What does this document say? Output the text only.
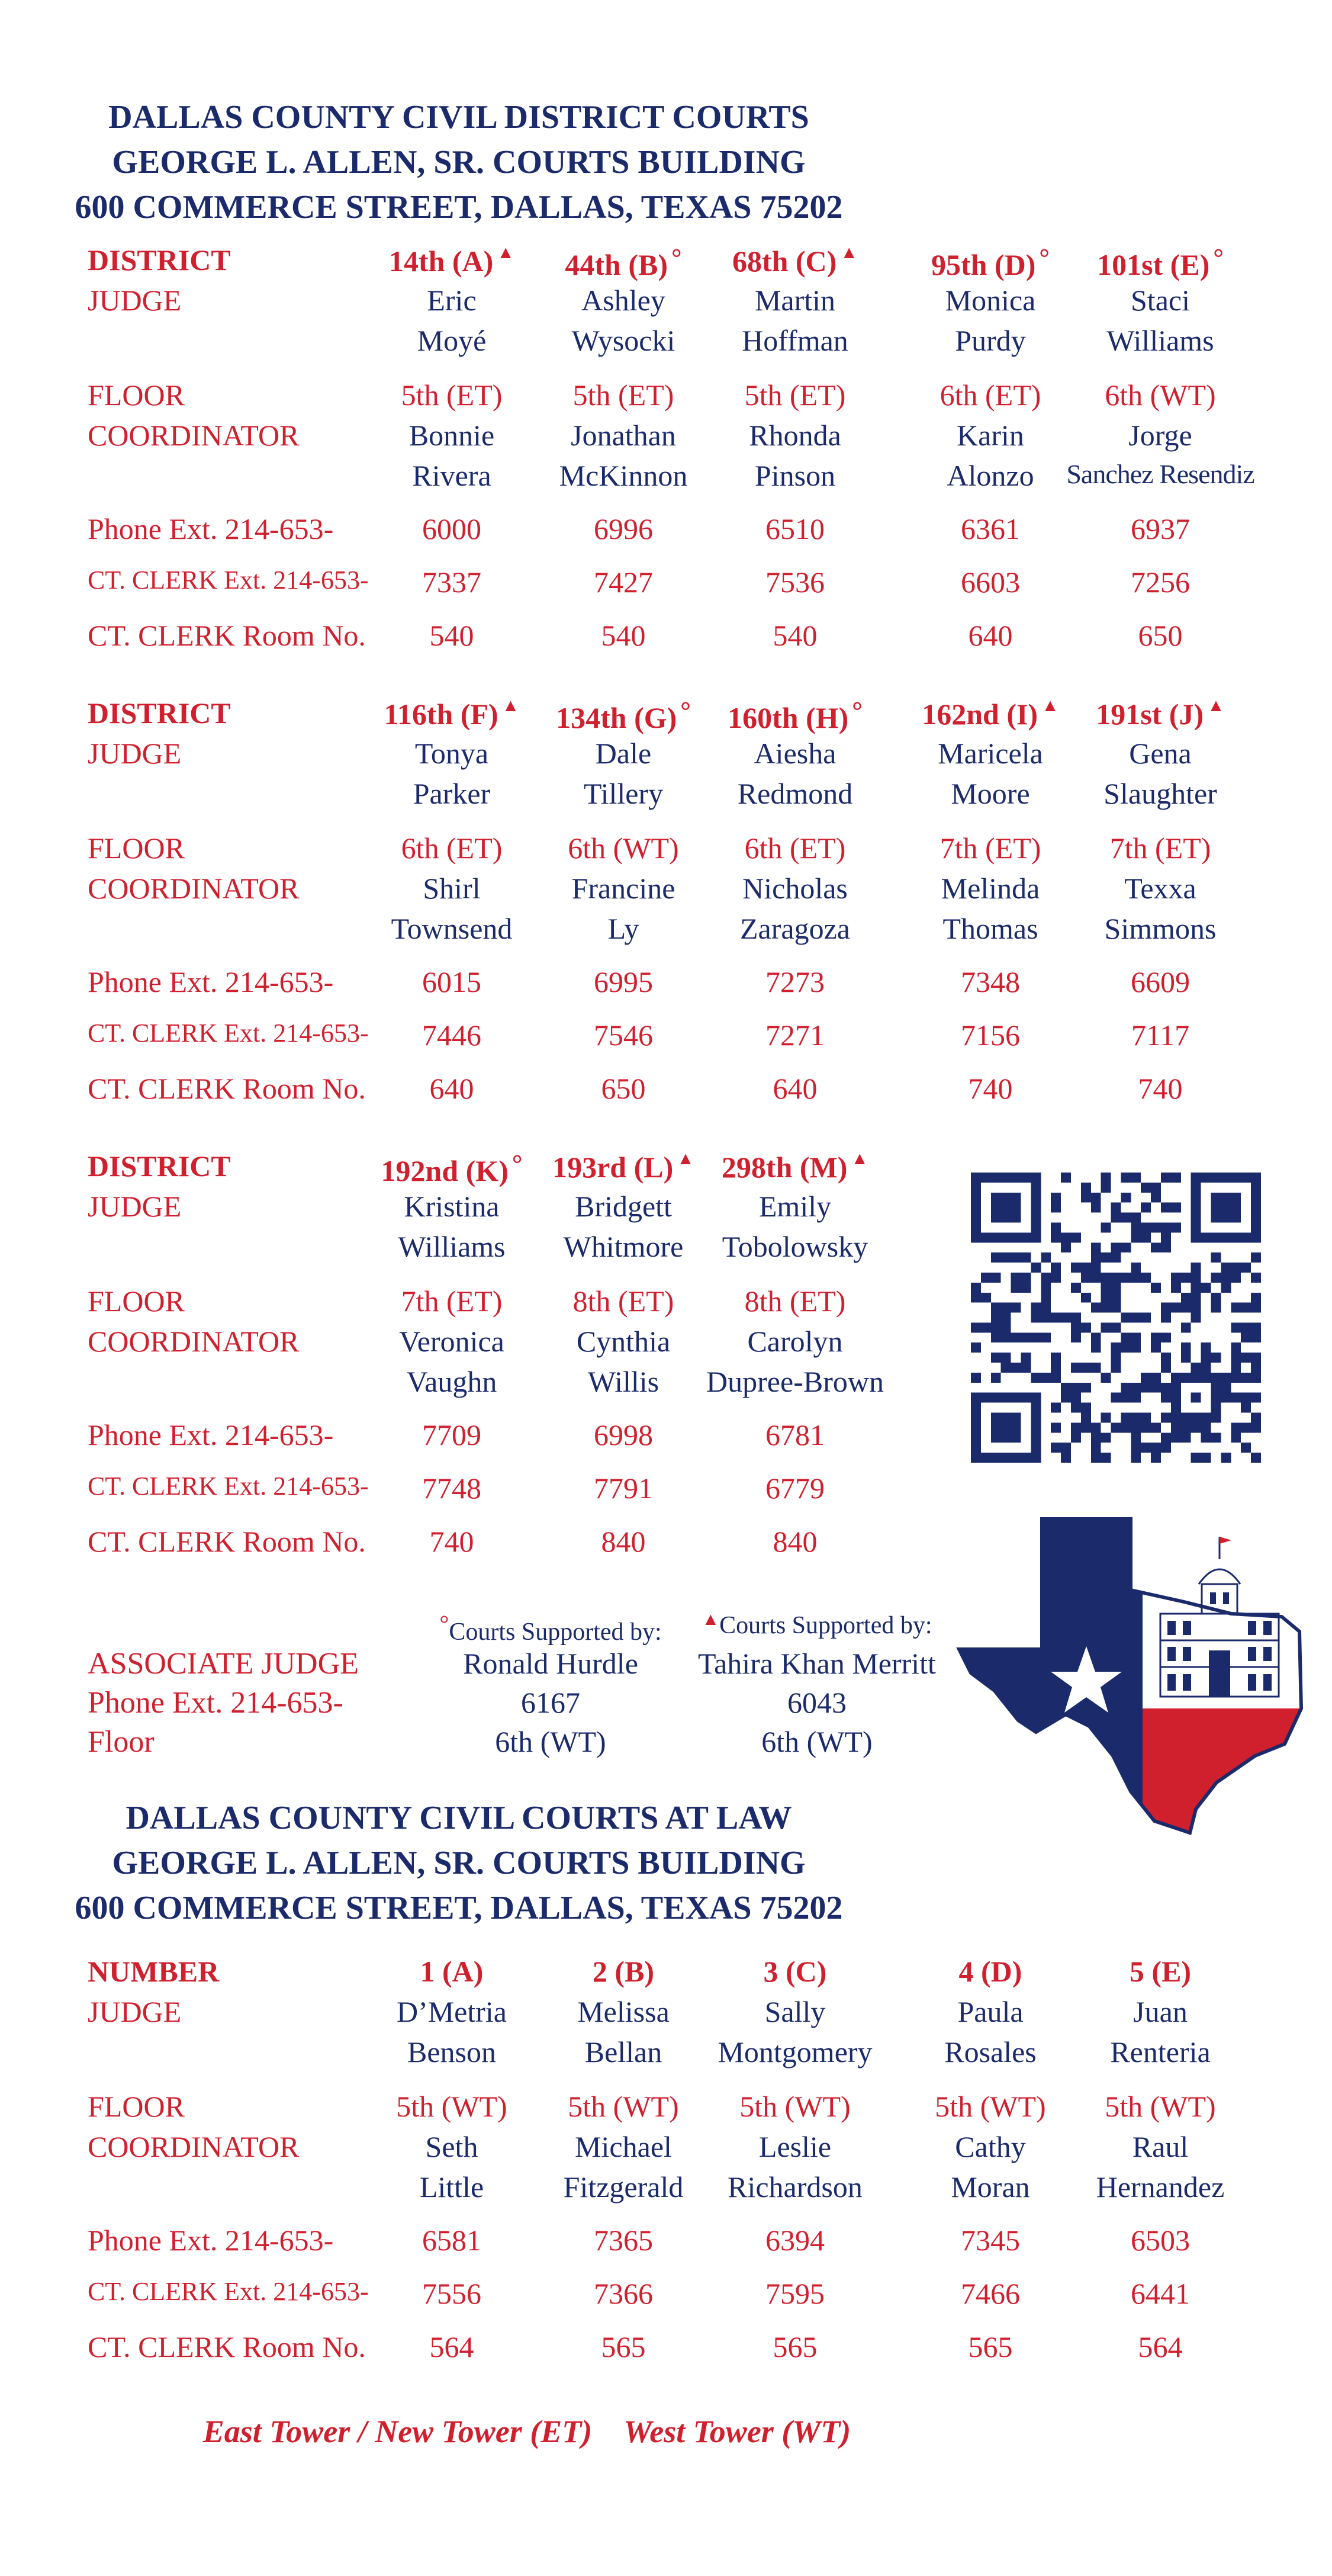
DALLAS COUNTY CIVIL DISTRICT COURTS
GEORGE L. ALLEN, SR. COURTS BUILDING
600 COMMERCE STREET, DALLAS, TEXAS 75202
DISTRICT
JUDGE
FLOOR
COORDINATOR
Phone Ext. 214-653-
CT. CLERK Ext. 214-653-
CT. CLERK Room No.
14th (A) ▲
Eric
Moyé
5th (ET)
Bonnie
Rivera
6000
7337
540
44th (B) °
Ashley
Wysocki
5th (ET)
Jonathan
McKinnon
6996
7427
540
68th (C) ▲
Martin
Hoffman
5th (ET)
Rhonda
Pinson
6510
7536
540
95th (D) °
Monica
Purdy
6th (ET)
Karin
Alonzo
6361
6603
640
101st (E) °
Staci
Williams
6th (WT)
Jorge
Sanchez Resendiz
6937
7256
650
DISTRICT
JUDGE
FLOOR
COORDINATOR
Phone Ext. 214-653-
CT. CLERK Ext. 214-653-
CT. CLERK Room No.
116th (F) ▲
Tonya
Parker
6th (ET)
Shirl
Townsend
6015
7446
640
134th (G) °
Dale
Tillery
6th (WT)
Francine
Ly
6995
7546
650
160th (H) °
Aiesha
Redmond
6th (ET)
Nicholas
Zaragoza
7273
7271
640
162nd (I) ▲
Maricela
Moore
7th (ET)
Melinda
Thomas
7348
7156
740
191st (J) ▲
Gena
Slaughter
7th (ET)
Texxa
Simmons
6609
7117
740
DISTRICT
JUDGE
FLOOR
COORDINATOR
Phone Ext. 214-653-
CT. CLERK Ext. 214-653-
CT. CLERK Room No.
192nd (K) °
Kristina
Williams
7th (ET)
Veronica
Vaughn
7709
7748
740
193rd (L) ▲
Bridgett
Whitmore
8th (ET)
Cynthia
Willis
6998
7791
840
298th (M) ▲
Emily
Tobolowsky
8th (ET)
Carolyn
Dupree-Brown
6781
6779
840
ASSOCIATE JUDGE
Phone Ext. 214-653-
Floor
°Courts Supported by:
Ronald Hurdle
6167
6th (WT)
▲Courts Supported by:
Tahira Khan Merritt
6043
6th (WT)
DALLAS COUNTY CIVIL COURTS AT LAW
GEORGE L. ALLEN, SR. COURTS BUILDING
600 COMMERCE STREET, DALLAS, TEXAS 75202
NUMBER
JUDGE
FLOOR
COORDINATOR
Phone Ext. 214-653-
CT. CLERK Ext. 214-653-
CT. CLERK Room No.
1 (A)
D’Metria
Benson
5th (WT)
Seth
Little
6581
7556
564
2 (B)
Melissa
Bellan
5th (WT)
Michael
Fitzgerald
7365
7366
565
3 (C)
Sally
Montgomery
5th (WT)
Leslie
Richardson
6394
7595
565
4 (D)
Paula
Rosales
5th (WT)
Cathy
Moran
7345
7466
565
5 (E)
Juan
Renteria
5th (WT)
Raul
Hernandez
6503
6441
564
East Tower / New Tower (ET)    West Tower (WT)
